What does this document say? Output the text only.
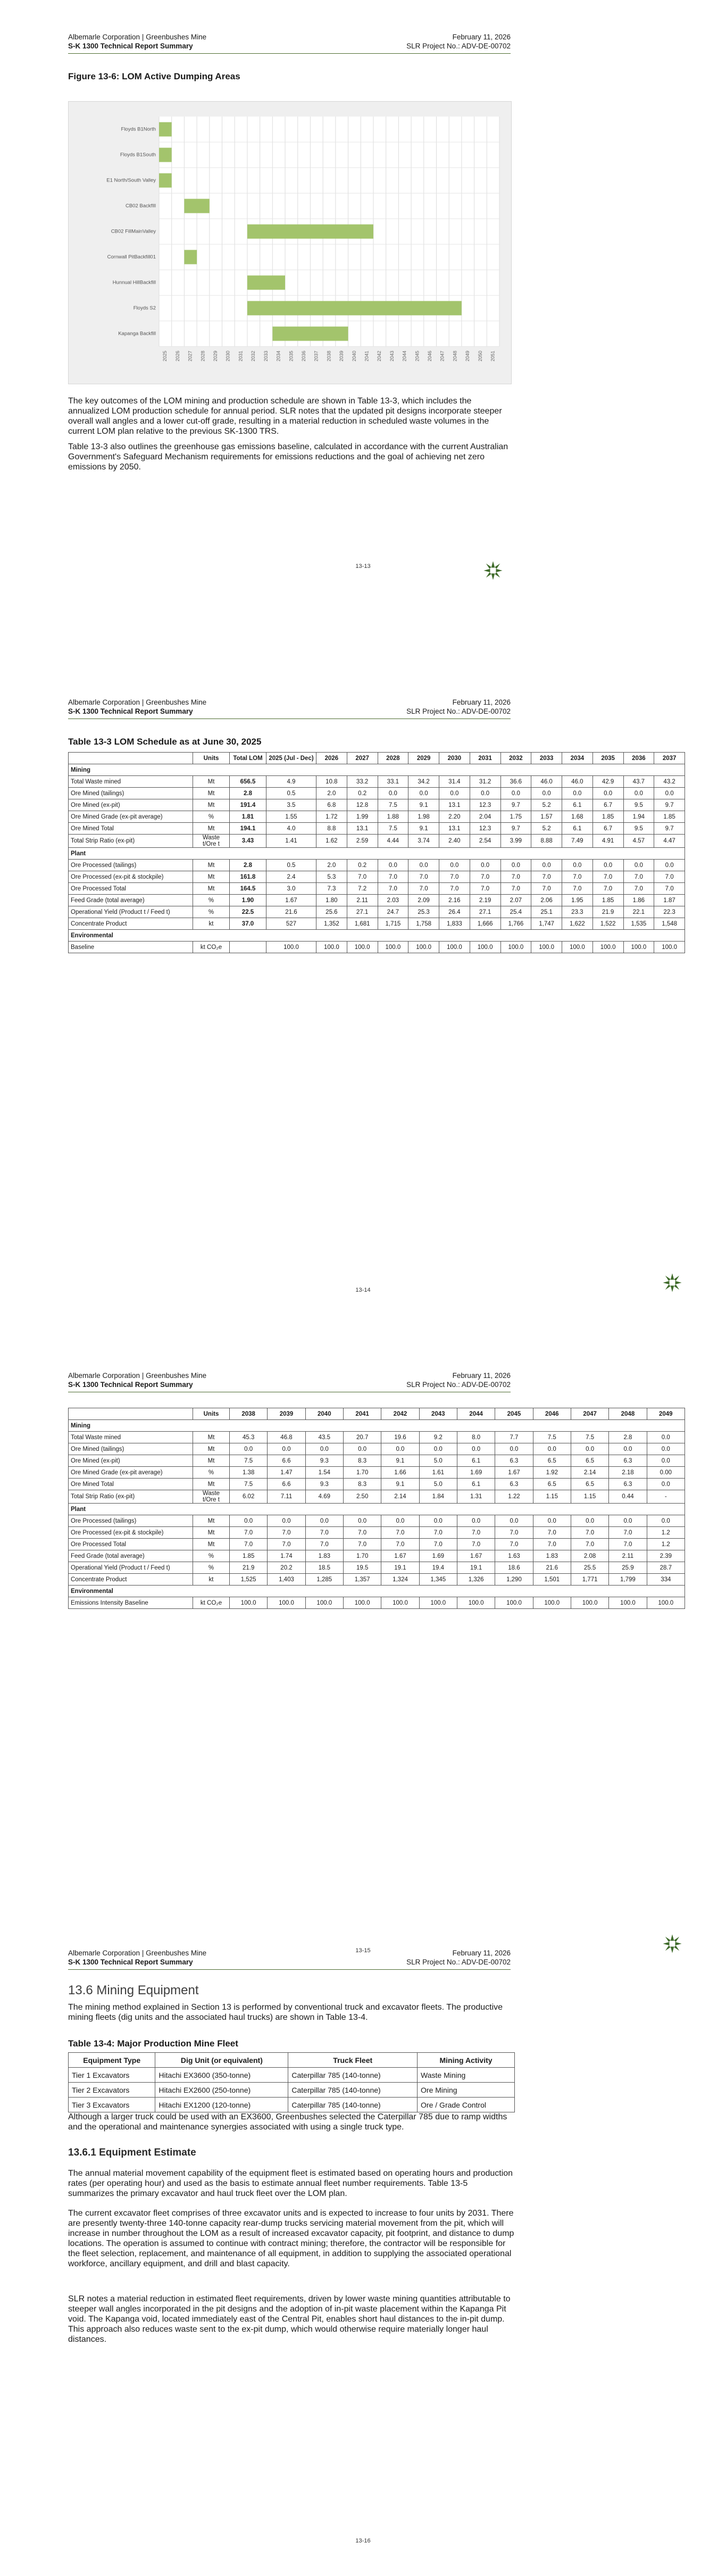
Albemarle Corporation | Greenbushes Mine
S-K 1300 Technical Report Summary
February 11, 2026
SLR Project No.: ADV-DE-00702
Figure 13-6: LOM Active Dumping Areas
2025 2026 2027 2028 2029 2030 2031 2032 2033 2034 2035 2036 2037 2038 2039 2040 2041 2042 2043 2044 2045 2046 2047 2048 2049 2050 2051
Floyds B1North
Floyds B1South
E1 North/South Valley
CB02 BackfIll
CB02 FillMainValley
Cornwall PitBackfill01
Hunnual HillBackfill
Floyds S2
Kapanga Backfill
The key outcomes of the LOM mining and production schedule are shown in Table 13-3, which includes the annualized LOM production schedule for annual period. SLR notes that the updated pit designs incorporate steeper overall wall angles and a lower cut-off grade, resulting in a material reduction in scheduled waste volumes in the current LOM plan relative to the previous SK-1300 TRS.
Table 13-3 also outlines the greenhouse gas emissions baseline, calculated in accordance with the current Australian Government's Safeguard Mechanism requirements for emissions reductions and the goal of achieving net zero emissions by 2050.
13-13
Albemarle Corporation | Greenbushes Mine
S-K 1300 Technical Report Summary
February 11, 2026
SLR Project No.: ADV-DE-00702
Table 13-3 LOM Schedule as at June 30, 2025
	Units	Total LOM	2025 (Jul - Dec)	2026	2027	2028	2029	2030	2031	2032	2033	2034	2035	2036	2037
Mining															
Total Waste mined	Mt	656.5	4.9	10.8	33.2	33.1	34.2	31.4	31.2	36.6	46.0	46.0	42.9	43.7	43.2
Ore Mined (tailings)	Mt	2.8	0.5	2.0	0.2	0.0	0.0	0.0	0.0	0.0	0.0	0.0	0.0	0.0	0.0
Ore Mined (ex-pit)	Mt	191.4	3.5	6.8	12.8	7.5	9.1	13.1	12.3	9.7	5.2	6.1	6.7	9.5	9.7
Ore Mined Grade (ex-pit average)	%	1.81	1.55	1.72	1.99	1.88	1.98	2.20	2.04	1.75	1.57	1.68	1.85	1.94	1.85
Ore Mined Total	Mt	194.1	4.0	8.8	13.1	7.5	9.1	13.1	12.3	9.7	5.2	6.1	6.7	9.5	9.7
Total Strip Ratio (ex-pit)	Waste t/Ore t	3.43	1.41	1.62	2.59	4.44	3.74	2.40	2.54	3.99	8.88	7.49	4.91	4.57	4.47
Plant															
Ore Processed (tailings)	Mt	2.8	0.5	2.0	0.2	0.0	0.0	0.0	0.0	0.0	0.0	0.0	0.0	0.0	0.0
Ore Processed (ex-pit & stockpile)	Mt	161.8	2.4	5.3	7.0	7.0	7.0	7.0	7.0	7.0	7.0	7.0	7.0	7.0	7.0
Ore Processed Total	Mt	164.5	3.0	7.3	7.2	7.0	7.0	7.0	7.0	7.0	7.0	7.0	7.0	7.0	7.0
Feed Grade (total average)	%	1.90	1.67	1.80	2.11	2.03	2.09	2.16	2.19	2.07	2.06	1.95	1.85	1.86	1.87
Operational Yield (Product t / Feed t)	%	22.5	21.6	25.6	27.1	24.7	25.3	26.4	27.1	25.4	25.1	23.3	21.9	22.1	22.3
Concentrate Product	kt	37.0	527	1,352	1,681	1,715	1,758	1,833	1,666	1,766	1,747	1,622	1,522	1,535	1,548
Environmental															
Baseline	kt CO₂e		100.0	100.0	100.0	100.0	100.0	100.0	100.0	100.0	100.0	100.0	100.0	100.0	100.0
13-14
Albemarle Corporation | Greenbushes Mine
S-K 1300 Technical Report Summary
February 11, 2026
SLR Project No.: ADV-DE-00702
	Units	2038	2039	2040	2041	2042	2043	2044	2045	2046	2047	2048	2049
Mining													
Total Waste mined	Mt	45.3	46.8	43.5	20.7	19.6	9.2	8.0	7.7	7.5	7.5	2.8	0.0
Ore Mined (tailings)	Mt	0.0	0.0	0.0	0.0	0.0	0.0	0.0	0.0	0.0	0.0	0.0	0.0
Ore Mined (ex-pit)	Mt	7.5	6.6	9.3	8.3	9.1	5.0	6.1	6.3	6.5	6.5	6.3	0.0
Ore Mined Grade (ex-pit average)	%	1.38	1.47	1.54	1.70	1.66	1.61	1.69	1.67	1.92	2.14	2.18	0.00
Ore Mined Total	Mt	7.5	6.6	9.3	8.3	9.1	5.0	6.1	6.3	6.5	6.5	6.3	0.0
Total Strip Ratio (ex-pit)	Waste t/Ore t	6.02	7.11	4.69	2.50	2.14	1.84	1.31	1.22	1.15	1.15	0.44	-
Plant													
Ore Processed (tailings)	Mt	0.0	0.0	0.0	0.0	0.0	0.0	0.0	0.0	0.0	0.0	0.0	0.0
Ore Processed (ex-pit & stockpile)	Mt	7.0	7.0	7.0	7.0	7.0	7.0	7.0	7.0	7.0	7.0	7.0	1.2
Ore Processed Total	Mt	7.0	7.0	7.0	7.0	7.0	7.0	7.0	7.0	7.0	7.0	7.0	1.2
Feed Grade (total average)	%	1.85	1.74	1.83	1.70	1.67	1.69	1.67	1.63	1.83	2.08	2.11	2.39
Operational Yield (Product t / Feed t)	%	21.9	20.2	18.5	19.5	19.1	19.4	19.1	18.6	21.6	25.5	25.9	28.7
Concentrate Product	kt	1,525	1,403	1,285	1,357	1,324	1,345	1,326	1,290	1,501	1,771	1,799	334
Environmental													
Emissions Intensity Baseline	kt CO₂e	100.0	100.0	100.0	100.0	100.0	100.0	100.0	100.0	100.0	100.0	100.0	100.0
13-15
Albemarle Corporation | Greenbushes Mine
S-K 1300 Technical Report Summary
February 11, 2026
SLR Project No.: ADV-DE-00702
13.6 Mining Equipment
The mining method explained in Section 13 is performed by conventional truck and excavator fleets. The productive mining fleets (dig units and the associated haul trucks) are shown in Table 13-4.
Table 13-4: Major Production Mine Fleet
Equipment Type	Dig Unit (or equivalent)	Truck Fleet	Mining Activity
Tier 1 Excavators	Hitachi EX3600 (350-tonne)	Caterpillar 785 (140-tonne)	Waste Mining
Tier 2 Excavators	Hitachi EX2600 (250-tonne)	Caterpillar 785 (140-tonne)	Ore Mining
Tier 3 Excavators	Hitachi EX1200 (120-tonne)	Caterpillar 785 (140-tonne)	Ore / Grade Control
Although a larger truck could be used with an EX3600, Greenbushes selected the Caterpillar 785 due to ramp widths and the operational and maintenance synergies associated with using a single truck type.
13.6.1 Equipment Estimate
The annual material movement capability of the equipment fleet is estimated based on operating hours and production rates (per operating hour) and used as the basis to estimate annual fleet number requirements. Table 13-5 summarizes the primary excavator and haul truck fleet over the LOM plan.
The current excavator fleet comprises of three excavator units and is expected to increase to four units by 2031. There are presently twenty-three 140-tonne capacity rear-dump trucks servicing material movement from the pit, which will increase in number throughout the LOM as a result of increased excavator capacity, pit footprint, and distance to dump locations. The operation is assumed to continue with contract mining; therefore, the contractor will be responsible for the fleet selection, replacement, and maintenance of all equipment, in addition to supplying the associated operational workforce, ancillary equipment, and drill and blast capacity.
SLR notes a material reduction in estimated fleet requirements, driven by lower waste mining quantities attributable to steeper wall angles incorporated in the pit designs and the adoption of in-pit waste placement within the Kapanga Pit void. The Kapanga void, located immediately east of the Central Pit, enables short haul distances to the in-pit dump. This approach also reduces waste sent to the ex-pit dump, which would otherwise require materially longer haul distances.
13-16
